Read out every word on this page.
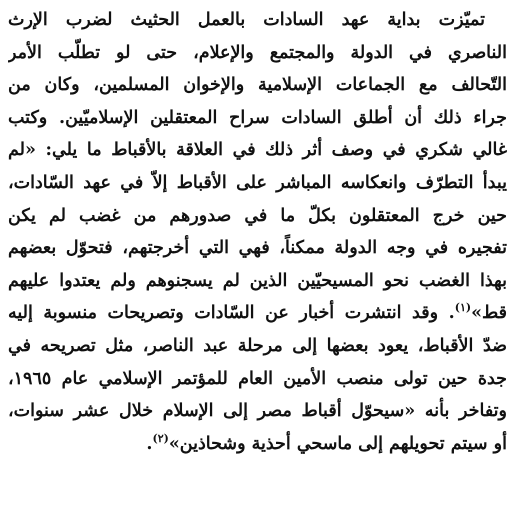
تميّزت بداية عهد السادات بالعمل الحثيث لضرب الإرث
الناصري في الدولة والمجتمع والإعلام، حتى لو تطلّب الأمر
التّحالف مع الجماعات الإسلامية والإخوان المسلمين، وكان من
جراء ذلك أن أطلق السادات سراح المعتقلين الإسلاميّين. وكتب
غالي شكري في وصف أثر ذلك في العلاقة بالأقباط ما يلي: «لم
يبدأ التطرّف وانعكاسه المباشر على الأقباط إلاّ في عهد السّادات،
حين خرج المعتقلون بكلّ ما في صدورهم من غضب لم يكن
تفجيره في وجه الدولة ممكناً، فهي التي أخرجتهم، فتحوّل بعضهم
بهذا الغضب نحو المسيحيّين الذين لم يسجنوهم ولم يعتدوا عليهم
قط»$^{(١)}$. وقد انتشرت أخبار عن السّادات وتصريحات منسوبة إليه
ضدّ الأقباط، يعود بعضها إلى مرحلة عبد الناصر، مثل تصريحه في
جدة حين تولى منصب الأمين العام للمؤتمر الإسلامي عام ١٩٦٥،
وتفاخر بأنه «سيحوّل أقباط مصر إلى الإسلام خلال عشر سنوات،
أو سيتم تحويلهم إلى ماسحي أحذية وشحاذين»$^{(٢)}$.
